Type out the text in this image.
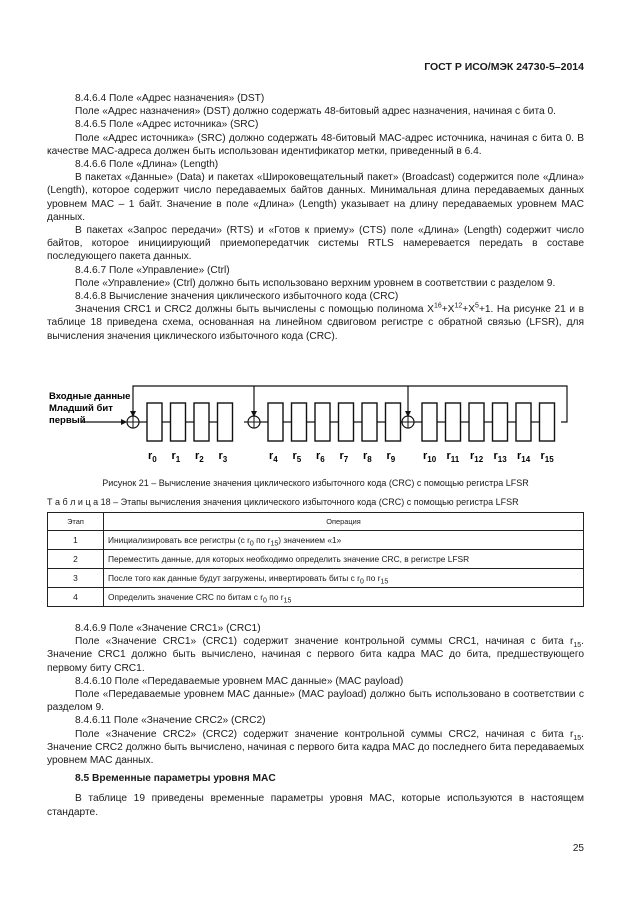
ГОСТ Р ИСО/МЭК 24730-5–2014

8.4.6.4 Поле «Адрес назначения» (DST)

Поле «Адрес назначения» (DST) должно содержать 48-битовый адрес назначения, начиная с бита 0.

8.4.6.5 Поле «Адрес источника» (SRC)

Поле «Адрес источника» (SRC) должно содержать 48-битовый MAC-адрес источника, начиная с бита 0. В качестве MAC-адреса должен быть использован идентификатор метки, приведенный в 6.4.

8.4.6.6 Поле «Длина» (Length)

В пакетах «Данные» (Data) и пакетах «Широковещательный пакет» (Broadcast) содержится поле «Длина» (Length), которое содержит число передаваемых байтов данных. Минимальная длина передаваемых данных уровнем MAC – 1 байт. Значение в поле «Длина» (Length) указывает на длину передаваемых уровнем MAC данных.

В пакетах «Запрос передачи» (RTS) и «Готов к приему» (CTS) поле «Длина» (Length) содержит число байтов, которое инициирующий приемопередатчик системы RTLS намеревается передать в составе последующего пакета данных.

8.4.6.7 Поле «Управление» (Ctrl)

Поле «Управление» (Ctrl) должно быть использовано верхним уровнем в соответствии с разделом 9.

8.4.6.8 Вычисление значения циклического избыточного кода (CRC)

Значения CRC1 и CRC2 должны быть вычислены с помощью полинома $X^{16}+X^{12}+X^5+1$. На рисунке 21 и в таблице 18 приведена схема, основанная на линейном сдвиговом регистре с обратной связью (LFSR), для вычисления значения циклического избыточного кода (CRC).

Входные данные
Младший бит
первый
$r_0$ $r_1$ $r_2$ $r_3$	$r_4$ $r_5$ $r_6$ $r_7$ $r_8$ $r_9$	$r_{10}$ $r_{11}$ $r_{12}$ $r_{13}$ $r_{14}$ $r_{15}$
Рисунок 21 – Вычисление значения циклического избыточного кода (CRC) с помощью регистра LFSR
Т а б л и ц а 18 – Этапы вычисления значения циклического избыточного кода (CRC) с помощью регистра LFSR
Этап	Операция
1	Инициализировать все регистры (с $r_0$ по $r_{15}$) значением «1»
2	Переместить данные, для которых необходимо определить значение CRC, в регистре LFSR
3	После того как данные будут загружены, инвертировать биты с $r_0$ по $r_{15}$
4	Определить значение CRC по битам с $r_0$ по $r_{15}$

8.4.6.9 Поле «Значение CRC1» (CRC1)

Поле «Значение CRC1» (CRC1) содержит значение контрольной суммы CRC1, начиная с бита $r_{15}$. Значение CRC1 должно быть вычислено, начиная с первого бита кадра MAC до бита, предшествующего первому биту CRC1.

8.4.6.10 Поле «Передаваемые уровнем MAC данные» (MAC payload)

Поле «Передаваемые уровнем MAC данные» (MAC payload) должно быть использовано в соответствии с разделом 9.

8.4.6.11 Поле «Значение CRC2» (CRC2)

Поле «Значение CRC2» (CRC2) содержит значение контрольной суммы CRC2, начиная с бита $r_{15}$. Значение CRC2 должно быть вычислено, начиная с первого бита кадра MAC до последнего бита передаваемых уровнем MAC данных.

8.5 Временные параметры уровня MAC

В таблице 19 приведены временные параметры уровня MAC, которые используются в настоящем стандарте.

25
